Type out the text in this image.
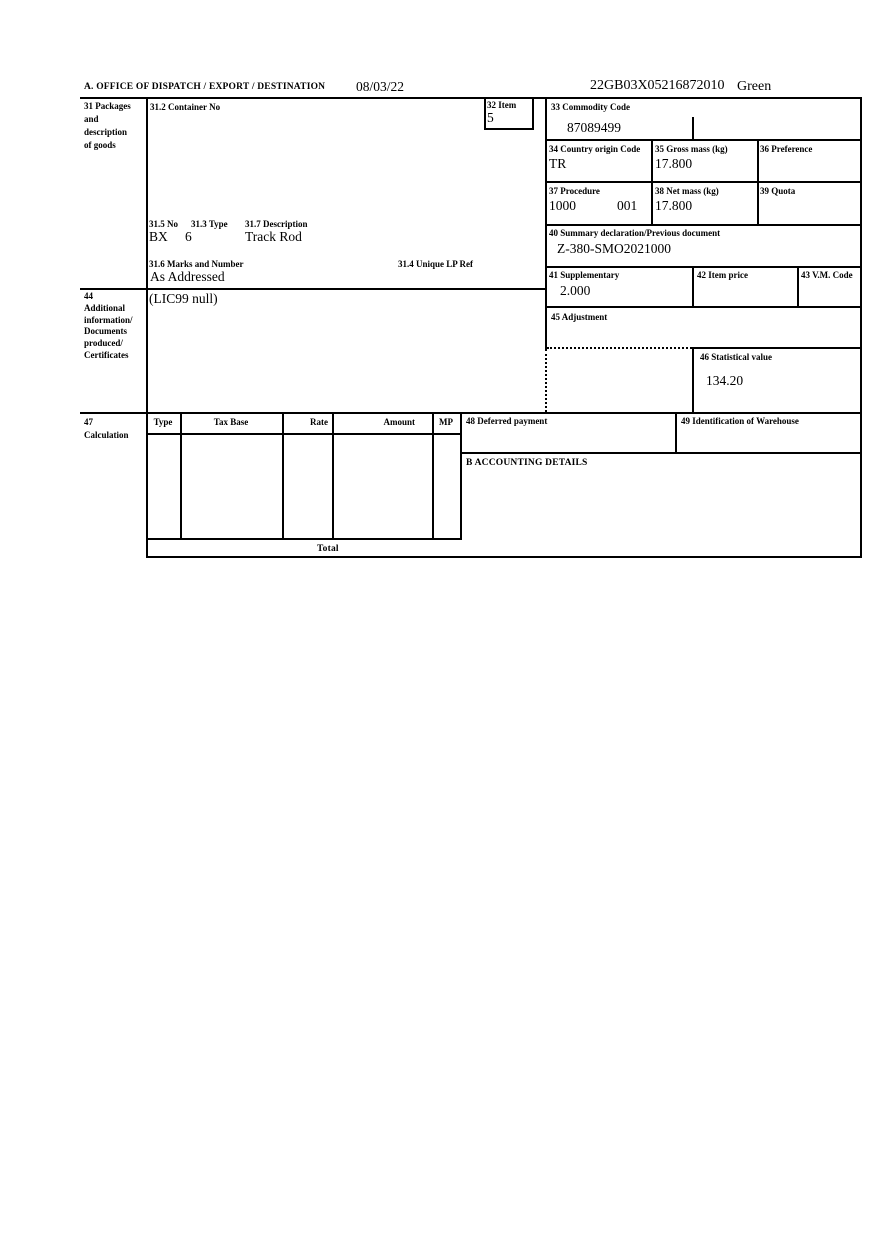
A. OFFICE OF DISPATCH / EXPORT / DESTINATION 08/03/22	22GB03X05216872010 Green
31 Packages
and
description
of goods
44
Additional
information/
Documents
produced/
Certificates
47
Calculation
31.2 Container No	32 Item
5
31.5 No 31.3 Type 31.7 Description
BX 6	Track Rod
31.6 Marks and Number	31.4 Unique LP Ref
As Addressed
(LIC99 null)
33 Commodity Code
87089499
34 Country origin Code
TR
35 Gross mass (kg)
17.800
36 Preference
37 Procedure
1000	001
38 Net mass (kg)
17.800
39 Quota
40 Summary declaration/Previous document
Z-380-SMO2021000
41 Supplementary
2.000
42 Item price	43 V.M. Code
45 Adjustment
46 Statistical value
134.20
Type	Tax Base	Rate	Amount	MP
Total
48 Deferred payment	49 Identification of Warehouse
B ACCOUNTING DETAILS
